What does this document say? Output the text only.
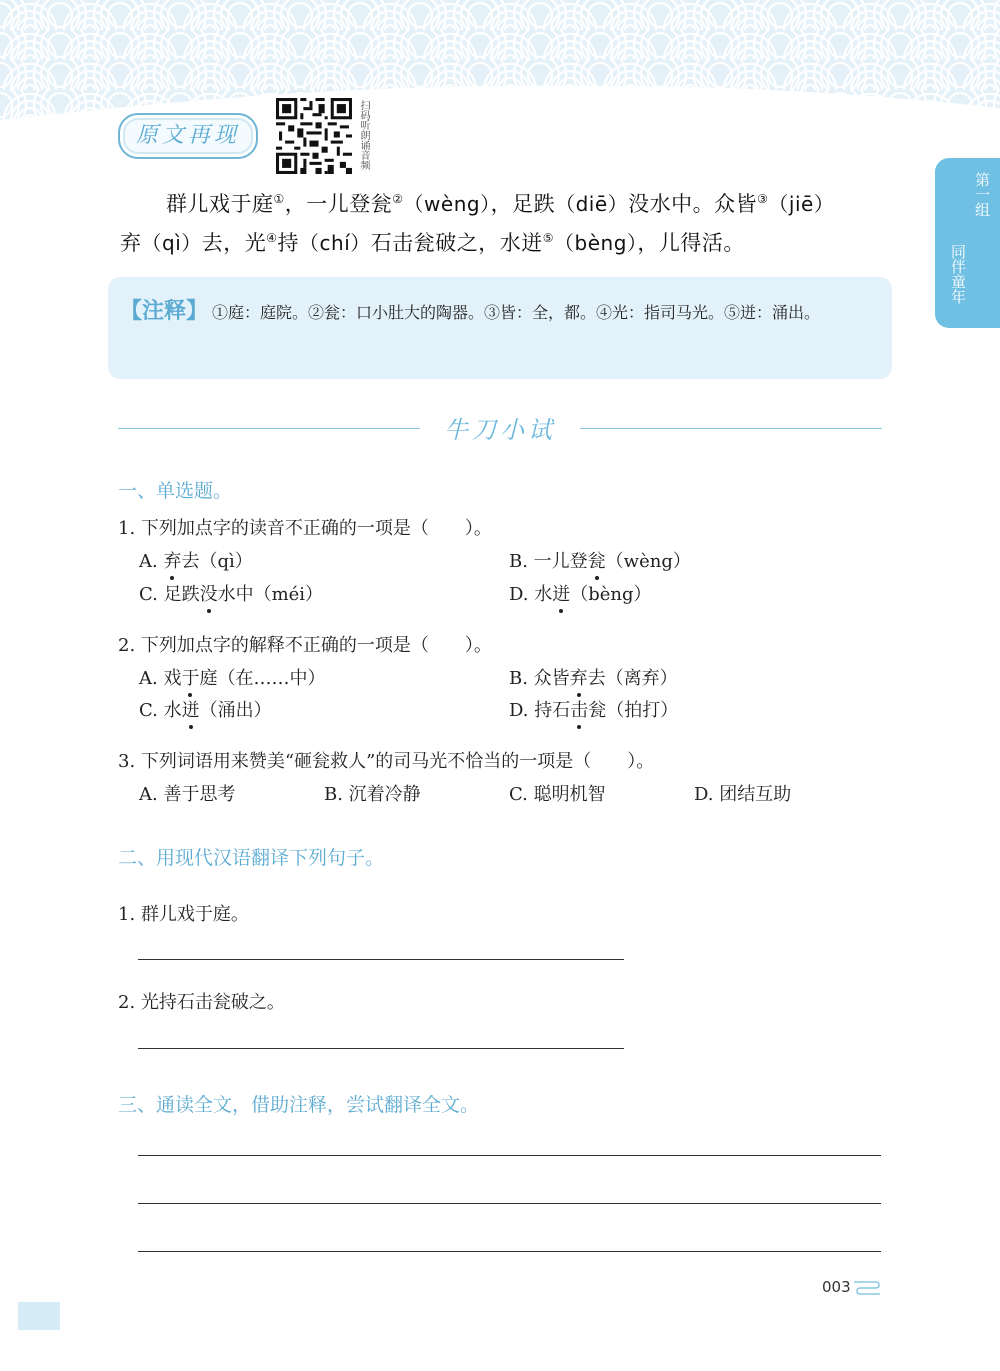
第一组
同伴童年
原文再现	扫码听朗诵音频
群儿戏于庭①，一儿登瓮②（wèng），足跌（diē）没水中。众皆③（jiē）
弃（qì）去，光④持（chí）石击瓮破之，水迸⑤（bèng），儿得活。
【注释】 ①庭：庭院。②瓮：口小肚大的陶器。③皆：全，都。④光：指司马光。⑤迸：涌出。
牛刀小试
一、单选题。
1. 下列加点字的读音不正确的一项是（　　）。
A. 弃去（qì）	B. 一儿登瓮（wèng）
C. 足跌没水中（méi）	D. 水迸（bèng）
2. 下列加点字的解释不正确的一项是（　　）。
A. 戏于庭（在……中）	B. 众皆弃去（离弃）
C. 水迸（涌出）	D. 持石击瓮（拍打）
3. 下列词语用来赞美“砸瓮救人”的司马光不恰当的一项是（　　）。
A. 善于思考	B. 沉着冷静	C. 聪明机智	D. 团结互助
二、用现代汉语翻译下列句子。
1. 群儿戏于庭。
2. 光持石击瓮破之。
三、通读全文，借助注释，尝试翻译全文。
003
